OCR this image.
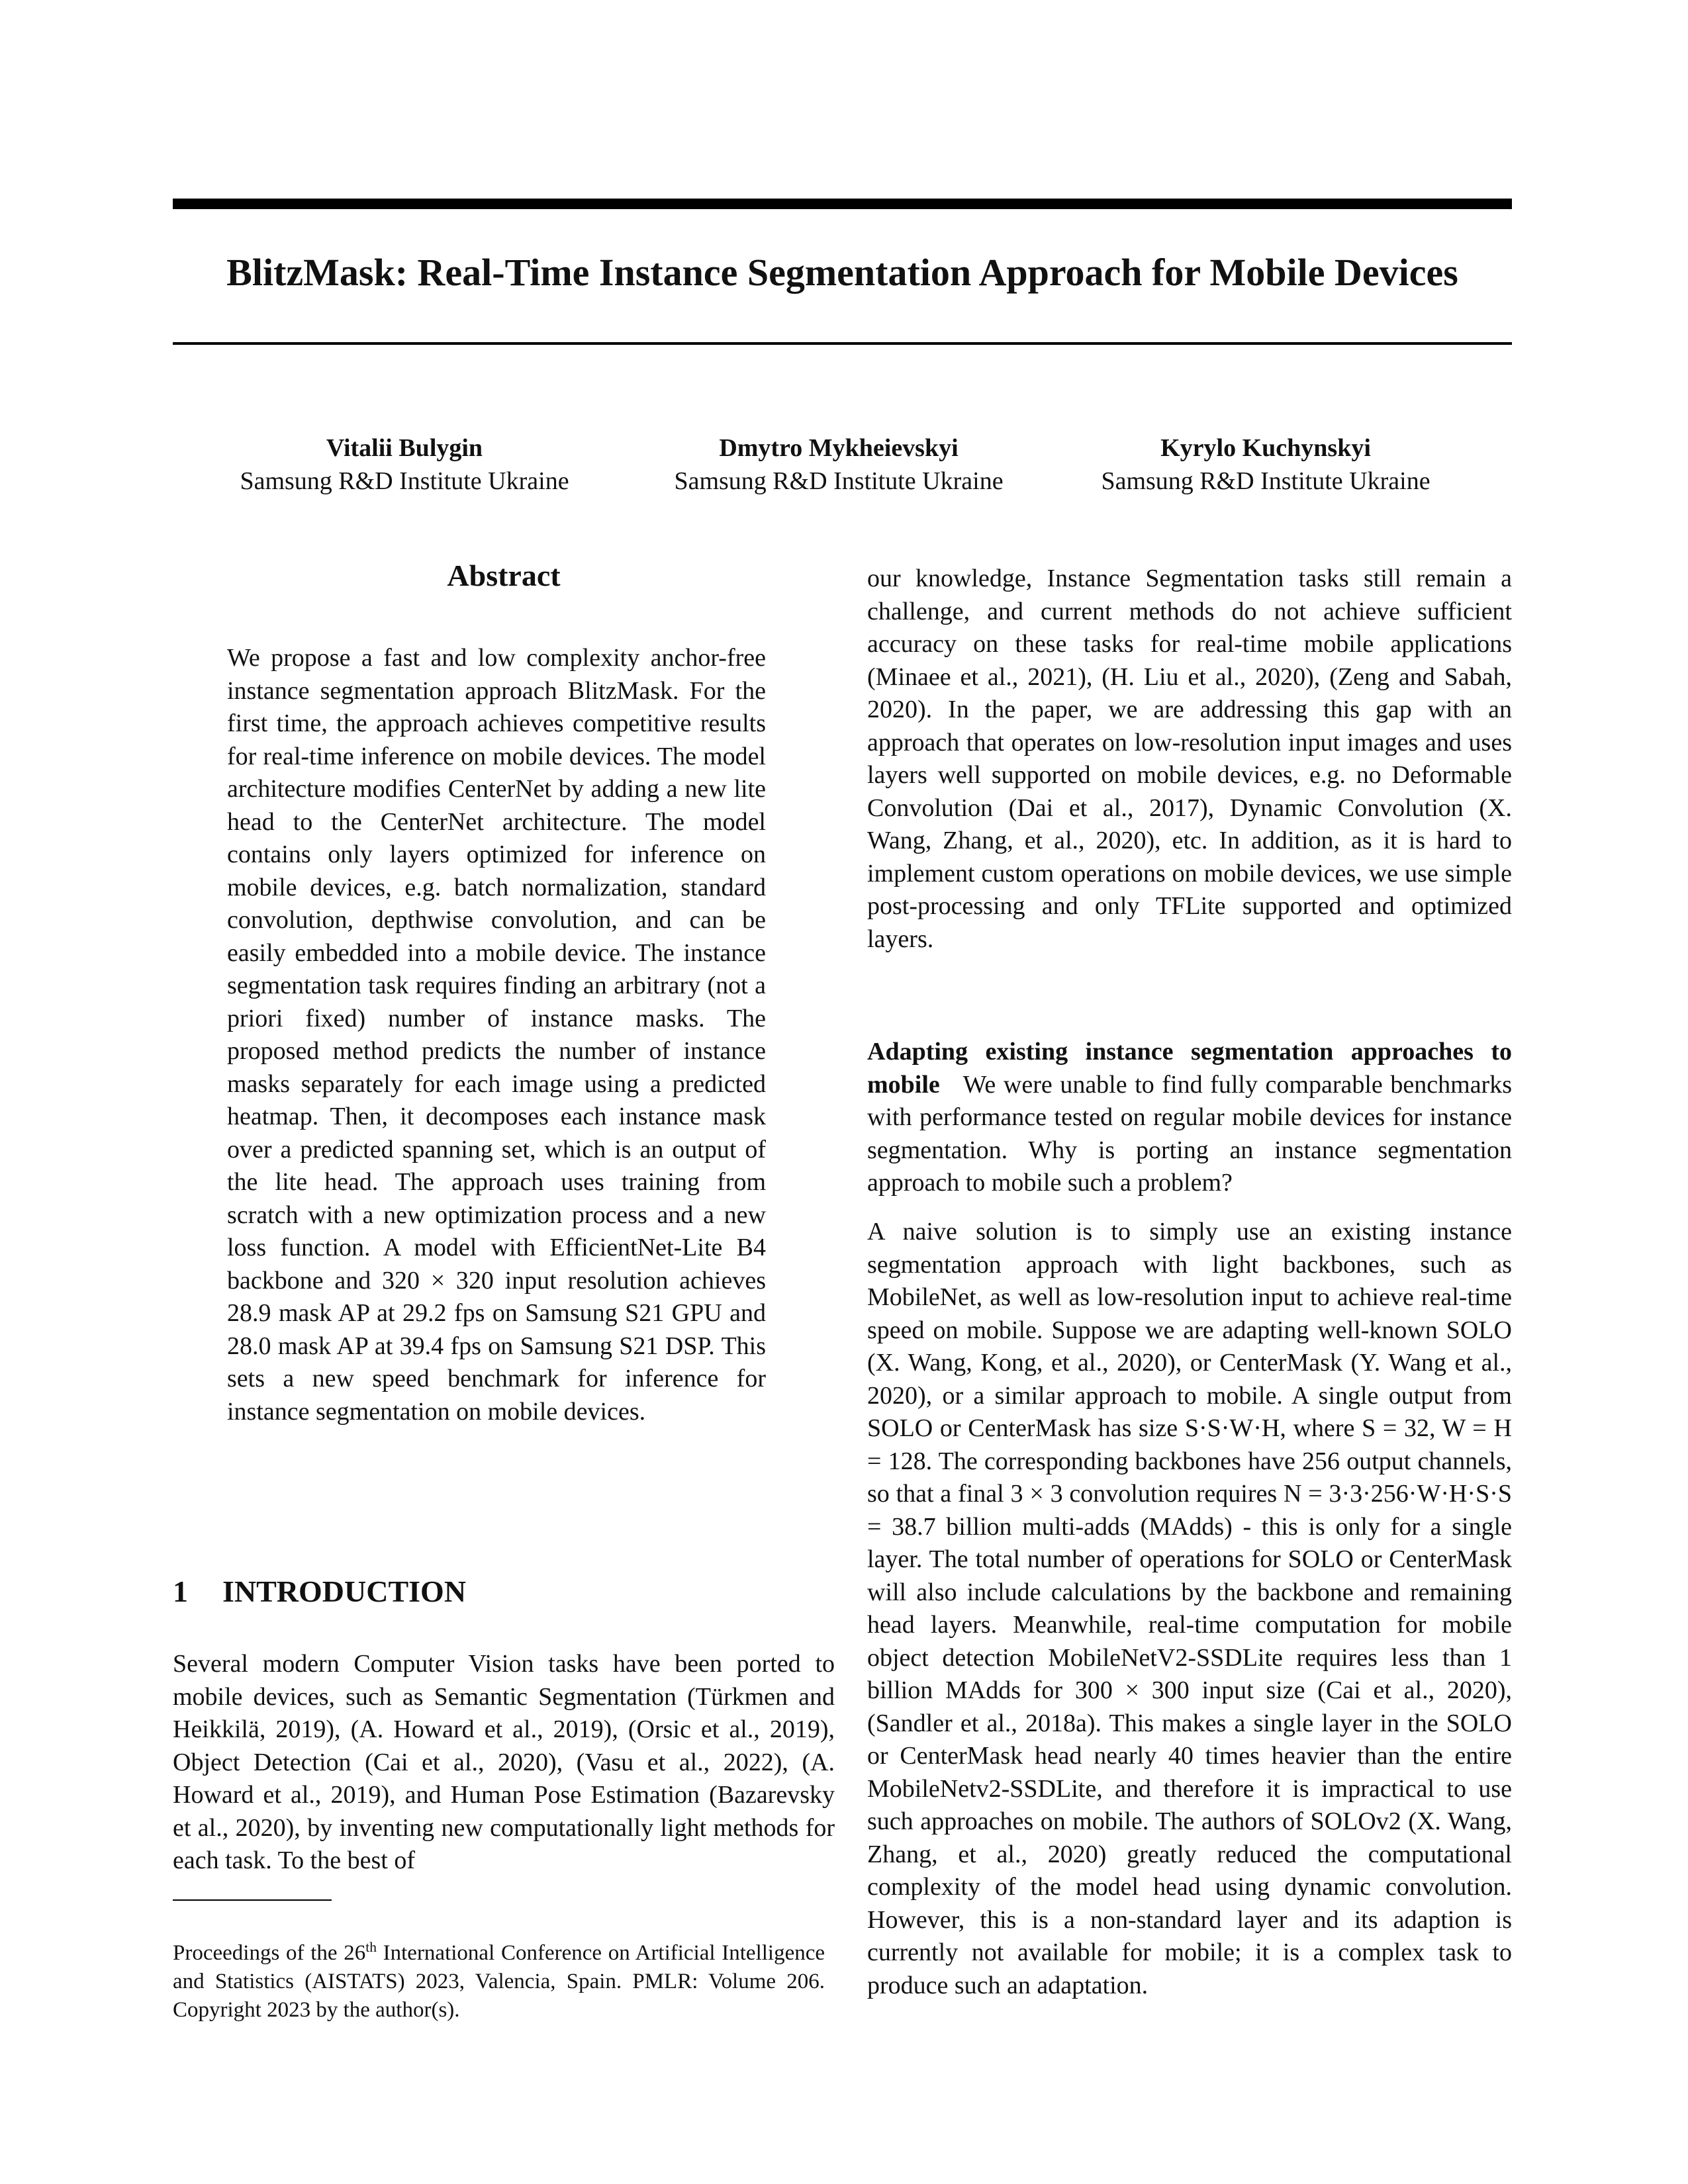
BlitzMask: Real-Time Instance Segmentation Approach for Mobile Devices
Vitalii Bulygin
Samsung R&D Institute Ukraine
Dmytro Mykheievskyi
Samsung R&D Institute Ukraine
Kyrylo Kuchynskyi
Samsung R&D Institute Ukraine
Abstract

We propose a fast and low complexity anchor-free instance segmentation approach BlitzMask. For the first time, the approach achieves competitive results for real-time inference on mobile devices. The model architecture modifies CenterNet by adding a new lite head to the CenterNet architecture. The model contains only layers optimized for inference on mobile devices, e.g. batch normalization, standard convolution, depthwise convolution, and can be easily embedded into a mobile device. The instance segmentation task requires finding an arbitrary (not a priori fixed) number of instance masks. The proposed method predicts the number of instance masks separately for each image using a predicted heatmap. Then, it decomposes each instance mask over a predicted spanning set, which is an output of the lite head. The approach uses training from scratch with a new optimization process and a new loss function. A model with EfficientNet-Lite B4 backbone and 320 × 320 input resolution achieves 28.9 mask AP at 29.2 fps on Samsung S21 GPU and 28.0 mask AP at 39.4 fps on Samsung S21 DSP. This sets a new speed benchmark for inference for instance segmentation on mobile devices.

1 INTRODUCTION

Several modern Computer Vision tasks have been ported to mobile devices, such as Semantic Segmentation (Türkmen and Heikkilä, 2019), (A. Howard et al., 2019), (Orsic et al., 2019), Object Detection (Cai et al., 2020), (Vasu et al., 2022), (A. Howard et al., 2019), and Human Pose Estimation (Bazarevsky et al., 2020), by inventing new computationally light methods for each task. To the best of

Proceedings of the 26th International Conference on Artificial Intelligence and Statistics (AISTATS) 2023, Valencia, Spain. PMLR: Volume 206. Copyright 2023 by the author(s).

our knowledge, Instance Segmentation tasks still remain a challenge, and current methods do not achieve sufficient accuracy on these tasks for real-time mobile applications (Minaee et al., 2021), (H. Liu et al., 2020), (Zeng and Sabah, 2020). In the paper, we are addressing this gap with an approach that operates on low-resolution input images and uses layers well supported on mobile devices, e.g. no Deformable Convolution (Dai et al., 2017), Dynamic Convolution (X. Wang, Zhang, et al., 2020), etc. In addition, as it is hard to implement custom operations on mobile devices, we use simple post-processing and only TFLite supported and optimized layers.

Adapting existing instance segmentation approaches to mobile We were unable to find fully comparable benchmarks with performance tested on regular mobile devices for instance segmentation. Why is porting an instance segmentation approach to mobile such a problem?

A naive solution is to simply use an existing instance segmentation approach with light backbones, such as MobileNet, as well as low-resolution input to achieve real-time speed on mobile. Suppose we are adapting well-known SOLO (X. Wang, Kong, et al., 2020), or CenterMask (Y. Wang et al., 2020), or a similar approach to mobile. A single output from SOLO or CenterMask has size S·S·W·H, where S = 32, W = H = 128. The corresponding backbones have 256 output channels, so that a final 3 × 3 convolution requires N = 3·3·256·W·H·S·S = 38.7 billion multi-adds (MAdds) - this is only for a single layer. The total number of operations for SOLO or CenterMask will also include calculations by the backbone and remaining head layers. Meanwhile, real-time computation for mobile object detection MobileNetV2-SSDLite requires less than 1 billion MAdds for 300 × 300 input size (Cai et al., 2020), (Sandler et al., 2018a). This makes a single layer in the SOLO or CenterMask head nearly 40 times heavier than the entire MobileNetv2-SSDLite, and therefore it is impractical to use such approaches on mobile. The authors of SOLOv2 (X. Wang, Zhang, et al., 2020) greatly reduced the computational complexity of the model head using dynamic convolution. However, this is a non-standard layer and its adaption is currently not available for mobile; it is a complex task to produce such an adaptation.
